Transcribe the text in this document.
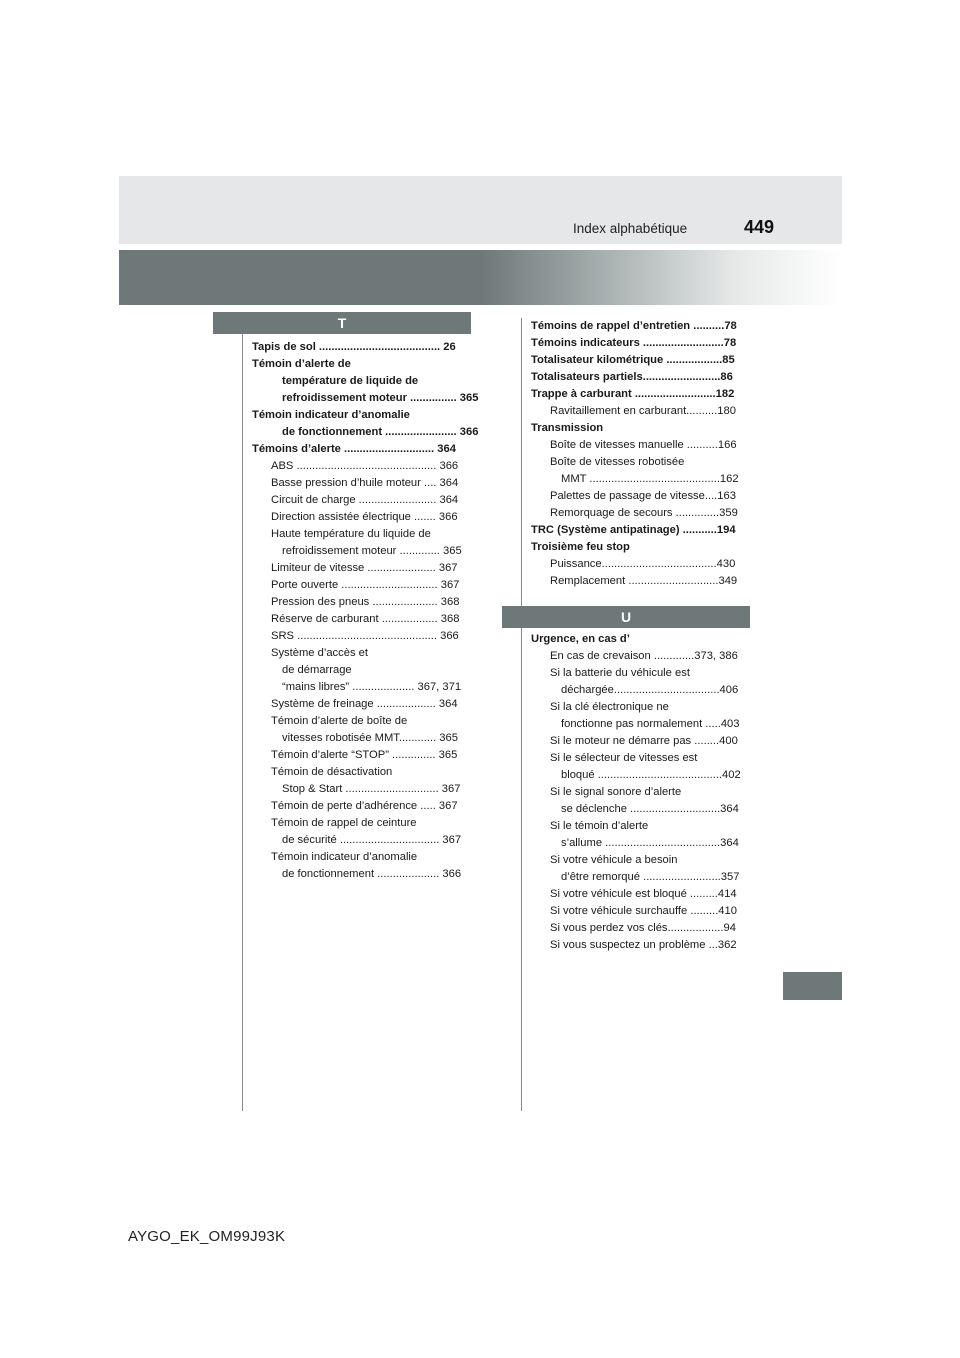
Index alphabétique	449
T
U
Tapis de sol ....................................... 26
Témoin d’alerte de
température de liquide de
refroidissement moteur ............... 365
Témoin indicateur d’anomalie
de fonctionnement ....................... 366
Témoins d’alerte ............................. 364
ABS ............................................. 366
Basse pression d’huile moteur .... 364
Circuit de charge ......................... 364
Direction assistée électrique ....... 366
Haute température du liquide de
refroidissement moteur ............. 365
Limiteur de vitesse ...................... 367
Porte ouverte ............................... 367
Pression des pneus ..................... 368
Réserve de carburant .................. 368
SRS ............................................. 366
Système d’accès et
de démarrage
“mains libres” .................... 367, 371
Système de freinage ................... 364
Témoin d’alerte de boîte de
vitesses robotisée MMT............ 365
Témoin d’alerte “STOP” .............. 365
Témoin de désactivation
Stop & Start .............................. 367
Témoin de perte d’adhérence ..... 367
Témoin de rappel de ceinture
de sécurité ................................ 367
Témoin indicateur d’anomalie
de fonctionnement .................... 366
Témoins de rappel d’entretien ..........78
Témoins indicateurs ..........................78
Totalisateur kilométrique ..................85
Totalisateurs partiels.........................86
Trappe à carburant ..........................182
Ravitaillement en carburant..........180
Transmission
Boîte de vitesses manuelle ..........166
Boîte de vitesses robotisée
MMT ..........................................162
Palettes de passage de vitesse....163
Remorquage de secours ..............359
TRC (Système antipatinage) ...........194
Troisième feu stop
Puissance.....................................430
Remplacement .............................349
Urgence, en cas d’
En cas de crevaison .............373, 386
Si la batterie du véhicule est
déchargée..................................406
Si la clé électronique ne
fonctionne pas normalement .....403
Si le moteur ne démarre pas ........400
Si le sélecteur de vitesses est
bloqué ........................................402
Si le signal sonore d’alerte
se déclenche .............................364
Si le témoin d’alerte
s’allume .....................................364
Si votre véhicule a besoin
d’être remorqué .........................357
Si votre véhicule est bloqué .........414
Si votre véhicule surchauffe .........410
Si vous perdez vos clés..................94
Si vous suspectez un problème ...362
AYGO_EK_OM99J93K
